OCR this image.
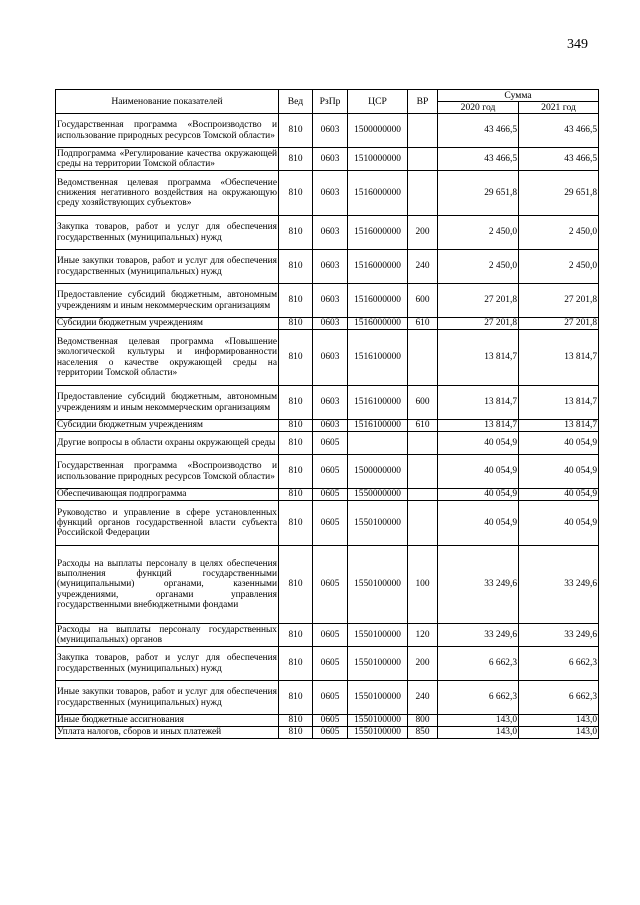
349
Наименование показателей	Вед	РзПр	ЦСР	ВР	Сумма	
					2020 год	2021 год
Государственная программа «Воспроизводство и использование природных ресурсов Томской области»	810	0603	1500000000		43 466,5	43 466,5
Подпрограмма «Регулирование качества окружающей среды на территории Томской области»	810	0603	1510000000		43 466,5	43 466,5
Ведомственная целевая программа «Обеспечение снижения негативного воздействия на окружающую среду хозяйствующих субъектов»	810	0603	1516000000		29 651,8	29 651,8
Закупка товаров, работ и услуг для обеспечения государственных (муниципальных) нужд	810	0603	1516000000	200	2 450,0	2 450,0
Иные закупки товаров, работ и услуг для обеспечения государственных (муниципальных) нужд	810	0603	1516000000	240	2 450,0	2 450,0
Предоставление субсидий бюджетным, автономным учреждениям и иным некоммерческим организациям	810	0603	1516000000	600	27 201,8	27 201,8
Субсидии бюджетным учреждениям	810	0603	1516000000	610	27 201,8	27 201,8
Ведомственная целевая программа «Повышение экологической культуры и информированности населения о качестве окружающей среды на территории Томской области»	810	0603	1516100000		13 814,7	13 814,7
Предоставление субсидий бюджетным, автономным учреждениям и иным некоммерческим организациям	810	0603	1516100000	600	13 814,7	13 814,7
Субсидии бюджетным учреждениям	810	0603	1516100000	610	13 814,7	13 814,7
Другие вопросы в области охраны окружающей среды	810	0605			40 054,9	40 054,9
Государственная программа «Воспроизводство и использование природных ресурсов Томской области»	810	0605	1500000000		40 054,9	40 054,9
Обеспечивающая подпрограмма	810	0605	1550000000		40 054,9	40 054,9
Руководство и управление в сфере установленных функций органов государственной власти субъекта Российской Федерации	810	0605	1550100000		40 054,9	40 054,9
Расходы на выплаты персоналу в целях обеспечения выполнения функций государственными (муниципальными) органами, казенными учреждениями, органами управления государственными внебюджетными фондами	810	0605	1550100000	100	33 249,6	33 249,6
Расходы на выплаты персоналу государственных (муниципальных) органов	810	0605	1550100000	120	33 249,6	33 249,6
Закупка товаров, работ и услуг для обеспечения государственных (муниципальных) нужд	810	0605	1550100000	200	6 662,3	6 662,3
Иные закупки товаров, работ и услуг для обеспечения государственных (муниципальных) нужд	810	0605	1550100000	240	6 662,3	6 662,3
Иные бюджетные ассигнования	810	0605	1550100000	800	143,0	143,0
Уплата налогов, сборов и иных платежей	810	0605	1550100000	850	143,0	143,0
